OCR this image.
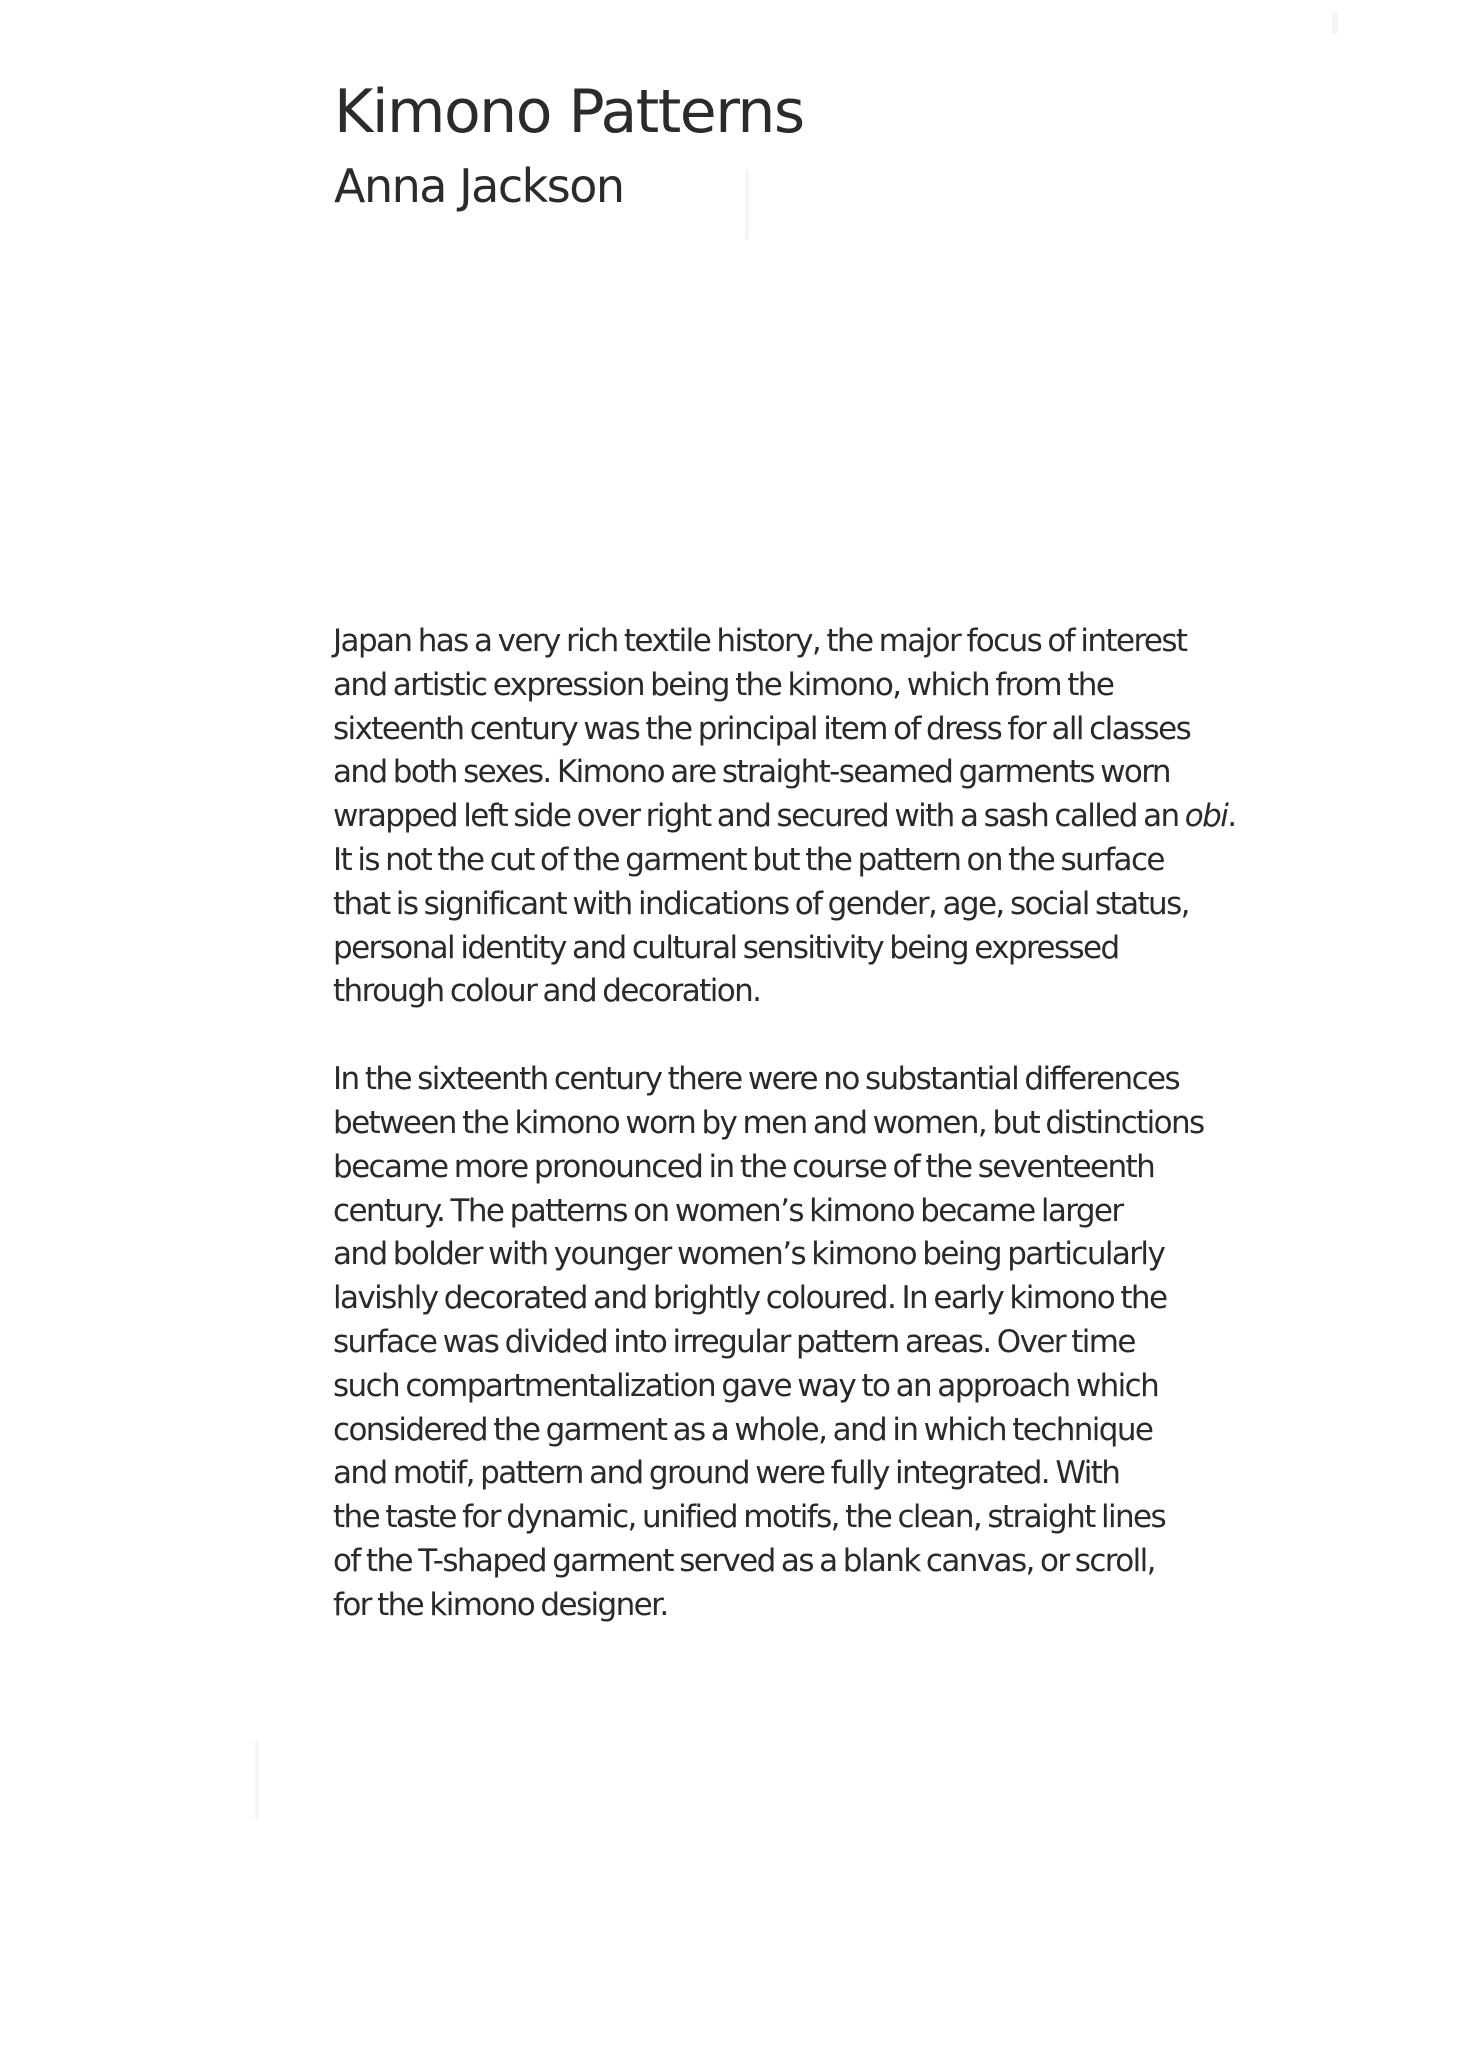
Kimono Patterns
Anna Jackson

Japan has a very rich textile history, the major focus of interest
and artistic expression being the kimono, which from the
sixteenth century was the principal item of dress for all classes
and both sexes. Kimono are straight-seamed garments worn
wrapped left side over right and secured with a sash called an obi.
It is not the cut of the garment but the pattern on the surface
that is significant with indications of gender, age, social status,
personal identity and cultural sensitivity being expressed
through colour and decoration.

In the sixteenth century there were no substantial differences
between the kimono worn by men and women, but distinctions
became more pronounced in the course of the seventeenth
century. The patterns on women’s kimono became larger
and bolder with younger women’s kimono being particularly
lavishly decorated and brightly coloured. In early kimono the
surface was divided into irregular pattern areas. Over time
such compartmentalization gave way to an approach which
considered the garment as a whole, and in which technique
and motif, pattern and ground were fully integrated. With
the taste for dynamic, unified motifs, the clean, straight lines
of the T-shaped garment served as a blank canvas, or scroll,
for the kimono designer.
